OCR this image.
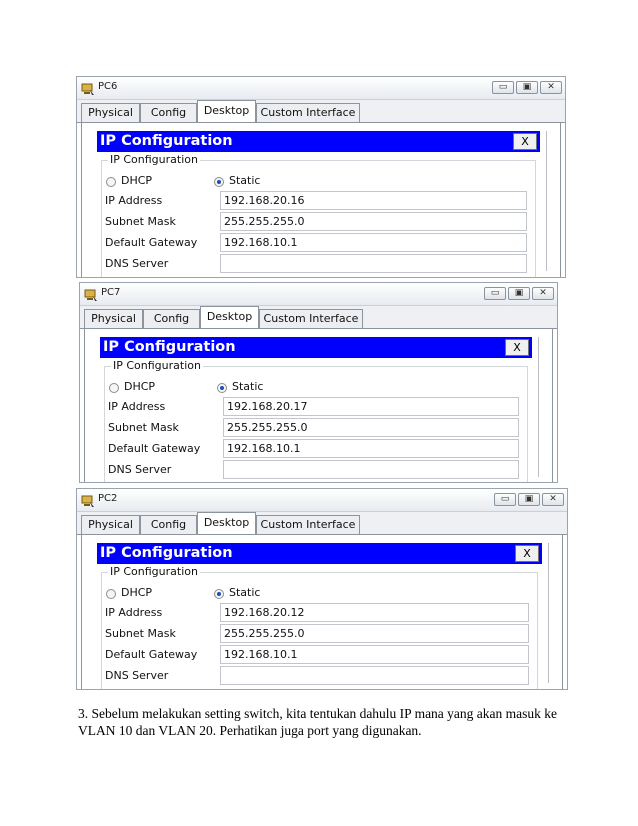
PC6	▭	▣	✕
Physical	Config	Desktop	Custom Interface
IP Configuration	X
IP Configuration
DHCP	Static
IP Address	192.168.20.16
Subnet Mask	255.255.255.0
Default Gateway	192.168.10.1
DNS Server
PC7	▭	▣	✕
Physical	Config	Desktop	Custom Interface
IP Configuration	X
IP Configuration
DHCP	Static
IP Address	192.168.20.17
Subnet Mask	255.255.255.0
Default Gateway	192.168.10.1
DNS Server
PC2	▭	▣	✕
Physical	Config	Desktop	Custom Interface
IP Configuration	X
IP Configuration
DHCP	Static
IP Address	192.168.20.12
Subnet Mask	255.255.255.0
Default Gateway	192.168.10.1
DNS Server

3. Sebelum melakukan setting switch, kita tentukan dahulu IP mana yang akan masuk ke VLAN 10 dan VLAN 20. Perhatikan juga port yang digunakan.
